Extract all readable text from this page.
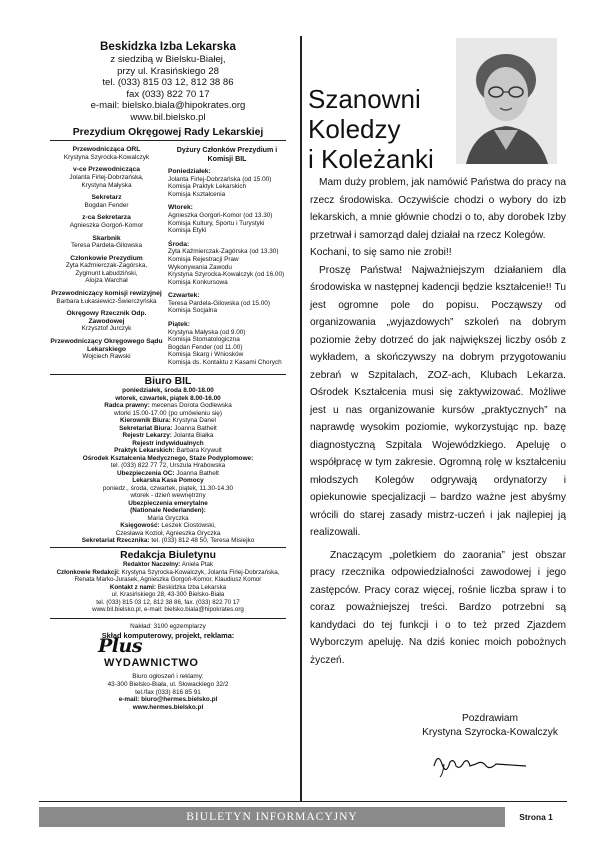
Beskidzka Izba Lekarska
z siedzibą w Bielsku-Białej,
przy ul. Krasińskiego 28
tel. (033) 815 03 12, 812 38 86
fax (033) 822 70 17
e-mail: bielsko.biala@hipokrates.org
www.bil.bielsko.pl
Prezydium Okręgowej Rady Lekarskiej
Przewodnicząca ORL
Krystyna Szyrocka-Kowalczyk
v-ce Przewodnicząca
Jolanta Firlej-Dobrzańska,
Krystyna Małyska
Sekretarz
Bogdan Fender
z-ca Sekretarza
Agnieszka Gorgoń-Komor
Skarbnik
Teresa Pardela-Gilowska
Członkowie Prezydium
Zyta Kaźmierczak-Zagórska,
Zygmunt Łabudziński,
Alojza Warchał
Przewodniczący komisji rewizyjnej
Barbara Łukasiewicz-Świerczyńska
Okręgowy Rzecznik Odp. Zawodowej
Krzysztof Jurczyk
Przewodniczący Okręgowego Sądu Lekarskiego
Wojciech Rawski
Dyżury Członków Prezydium i Komisji BIL
Poniedziałek:
Jolanta Firlej-Dobrzańska (od 15.00)
Komisja Praktyk Lekarskich
Komisja Kształcenia
Wtorek:
Agnieszka Gorgoń-Komor (od 13.30)
Komisja Kultury, Sportu i Turystyki
Komisja Etyki
Środa:
Zyta Kaźmierczak-Zagórska (od 13.30)
Komisja Rejestracji Praw
Wykonywania Zawodu
Krystyna Szyrocka-Kowalczyk (od 16.00)
Komisja Konkursowa
Czwartek:
Teresa Pardela-Gilowska (od 15.00)
Komisja Socjalna
Piątek:
Krystyna Małyska (od 9.00)
Komisja Stomatologiczna
Bogdan Fender (od 11.00)
Komisja Skarg i Wniosków
Komisja ds. Kontaktu z Kasami Chorych
Biuro BIL
poniedziałek, środa 8.00-18.00
wtorek, czwartek, piątek 8.00-16.00
Radca prawny: mecenas Dorota Godlewska
wtorki 15.00-17.00 (po umówieniu się)
Kierownik Biura: Krystyna Danel
Sekretariat Biura: Joanna Bathelt
Rejestr Lekarzy: Jolanta Białka
Rejestr indywidualnych
Praktyk Lekarskich: Barbara Krywult
Ośrodek Kształcenia Medycznego, Staże Podyplomowe:
tel. (033) 822 77 72, Urszula Hrabowska
Ubezpieczenia OC: Joanna Bathelt
Lekarska Kasa Pomocy
poniedz., środa, czwartek, piątek, 11.30-14.30
wtorek - dzień wewnętrzny
Ubezpieczenia emerytalne
(Nationale Nederlanden):
Maria Gryczka
Księgowość: Leszek Ciostowski,
Czesława Kozioł, Agnieszka Gryczka
Sekretariat Rzecznika: tel. (033) 812 48 50, Teresa Misiejko
Redakcja Biuletynu
Redaktor Naczelny: Aniela Ptak
Członkowie Redakcji: Krystyna Szyrocka-Kowalczyk, Jolanta Firlej-Dobrzańska,
Renata Marko-Jurasek, Agnieszka Gorgoń-Komor, Klaudiusz Komor
Kontakt z nami: Beskidzka Izba Lekarska
ul. Krasińskiego 28, 43-300 Bielsko-Biała
tel. (033) 815 03 12, 812 38 86, fax. (033) 822 70 17
www.bil.bielsko.pl, e-mail: bielsko.biala@hipokrates.org
Nakład: 3100 egzemplarzy
Skład komputerowy, projekt, reklama:
Plus
WYDAWNICTWO
Biuro ogłoszeń i reklamy:
43-300 Bielsko-Biała, ul. Słowackiego 32/2
tel./fax (033) 816 85 91
e-mail: biuro@hermes.bielsko.pl
www.hermes.bielsko.pl
Szanowni
Koledzy
i Koleżanki

Mam duży problem, jak namówić Państwa do pracy na rzecz środowiska. Oczywiście chodzi o wybory do izb lekarskich, a mnie głównie chodzi o to, aby dorobek Izby przetrwał i samorząd dalej działał na rzecz Kolegów.

Kochani, to się samo nie zrobi!!

Proszę Państwa! Najważniejszym działaniem dla środowiska w następnej kadencji będzie kształcenie!! Tu jest ogromne pole do popisu. Począwszy od organizowania „wyjazdowych” szkoleń na dobrym poziomie żeby dotrzeć do jak największej liczby osób z wykładem, a skończywszy na dobrym przygotowaniu zebrań w Szpitalach, ZOZ-ach, Klubach Lekarza. Ośrodek Kształcenia musi się zaktywizować. Możliwe jest u nas organizowanie kursów „praktycznych” na naprawdę wysokim poziomie, wykorzystując np. bazę diagnostyczną Szpitala Wojewódzkiego. Apeluję o współpracę w tym zakresie. Ogromną rolę w kształceniu młodszych Kolegów odgrywają ordynatorzy i opiekunowie specjalizacji – bardzo ważne jest abyśmy wrócili do starej zasady mistrz-uczeń i jak najlepiej ją realizowali.

Znaczącym „poletkiem do zaorania” jest obszar pracy rzecznika odpowiedzialności zawodowej i jego zastępców. Pracy coraz więcej, rośnie liczba spraw i to coraz poważniejszej treści. Bardzo potrzebni są kandydaci do tej funkcji i o to też przed Zjazdem Wyborczym apeluję. Na dziś koniec moich pobożnych życzeń.

Pozdrawiam
Krystyna Szyrocka-Kowalczyk
BIULETYN INFORMACYJNY	Strona 1
